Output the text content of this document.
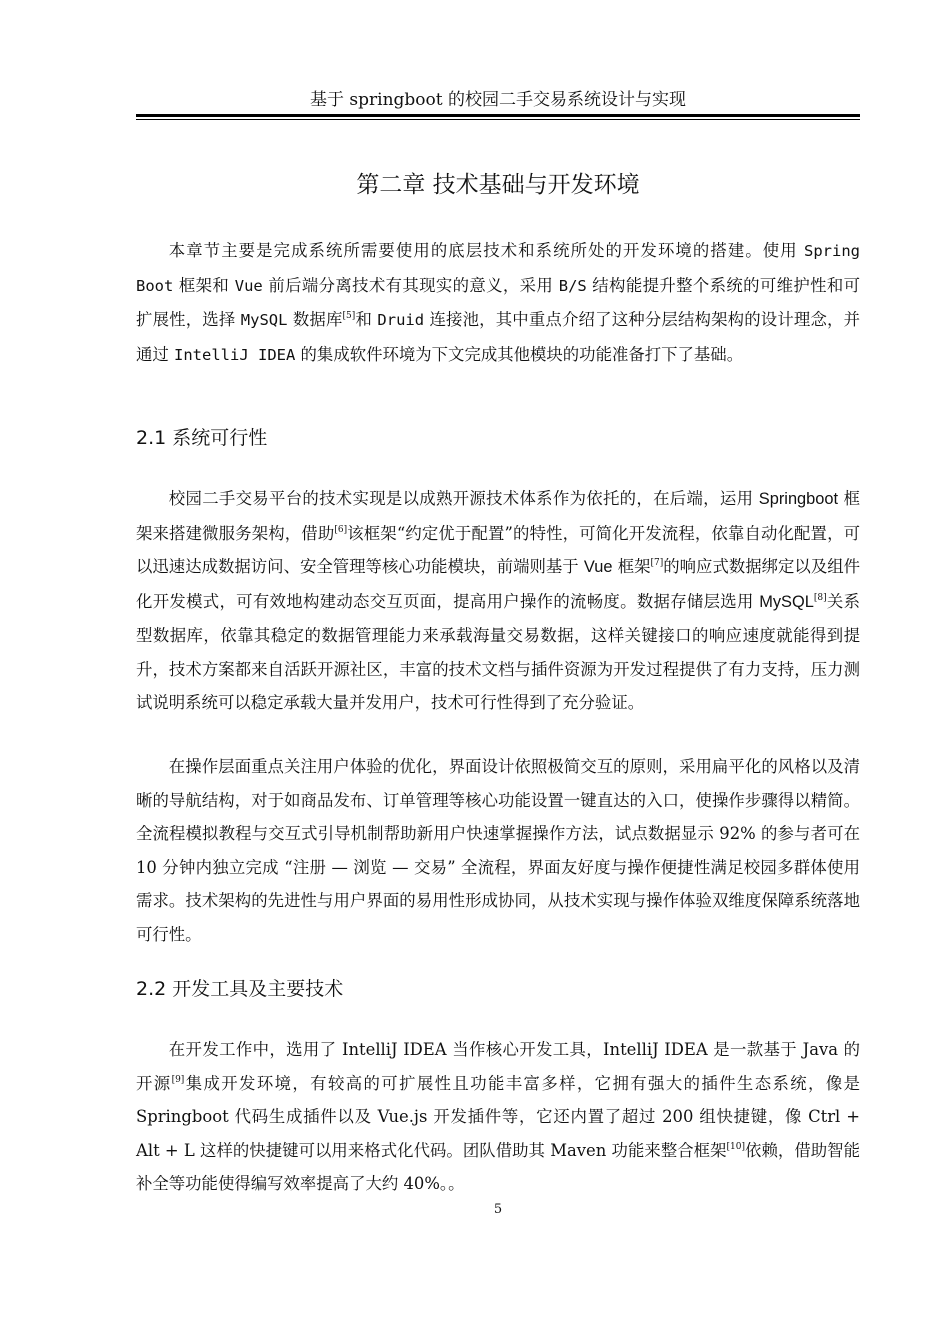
基于 springboot 的校园二手交易系统设计与实现
第二章 技术基础与开发环境

本章节主要是完成系统所需要使用的底层技术和系统所处的开发环境的搭建。使用 Spring Boot 框架和 Vue 前后端分离技术有其现实的意义，采用 B/S 结构能提升整个系统的可维护性和可扩展性，选择 MySQL 数据库[5]和 Druid 连接池，其中重点介绍了这种分层结构架构的设计理念，并通过 IntelliJ IDEA 的集成软件环境为下文完成其他模块的功能准备打下了基础。

2.1 系统可行性

校园二手交易平台的技术实现是以成熟开源技术体系作为依托的，在后端，运用 Springboot 框架来搭建微服务架构，借助[6]该框架“约定优于配置”的特性，可简化开发流程，依靠自动化配置，可以迅速达成数据访问、安全管理等核心功能模块，前端则基于 Vue 框架[7]的响应式数据绑定以及组件化开发模式，可有效地构建动态交互页面，提高用户操作的流畅度。数据存储层选用 MySQL[8]关系型数据库，依靠其稳定的数据管理能力来承载海量交易数据，这样关键接口的响应速度就能得到提升，技术方案都来自活跃开源社区，丰富的技术文档与插件资源为开发过程提供了有力支持，压力测试说明系统可以稳定承载大量并发用户，技术可行性得到了充分验证。

在操作层面重点关注用户体验的优化，界面设计依照极简交互的原则，采用扁平化的风格以及清晰的导航结构，对于如商品发布、订单管理等核心功能设置一键直达的入口，使操作步骤得以精简。全流程模拟教程与交互式引导机制帮助新用户快速掌握操作方法，试点数据显示 92% 的参与者可在 10 分钟内独立完成 “注册 — 浏览 — 交易” 全流程，界面友好度与操作便捷性满足校园多群体使用需求。技术架构的先进性与用户界面的易用性形成协同，从技术实现与操作体验双维度保障系统落地可行性。

2.2 开发工具及主要技术

在开发工作中，选用了 IntelliJ IDEA 当作核心开发工具，IntelliJ IDEA 是一款基于 Java 的开源[9]集成开发环境，有较高的可扩展性且功能丰富多样，它拥有强大的插件生态系统，像是 Springboot 代码生成插件以及 Vue.js 开发插件等，它还内置了超过 200 组快捷键，像 Ctrl + Alt + L 这样的快捷键可以用来格式化代码。团队借助其 Maven 功能来整合框架[10]依赖，借助智能补全等功能使得编写效率提高了大约 40%。。

5
